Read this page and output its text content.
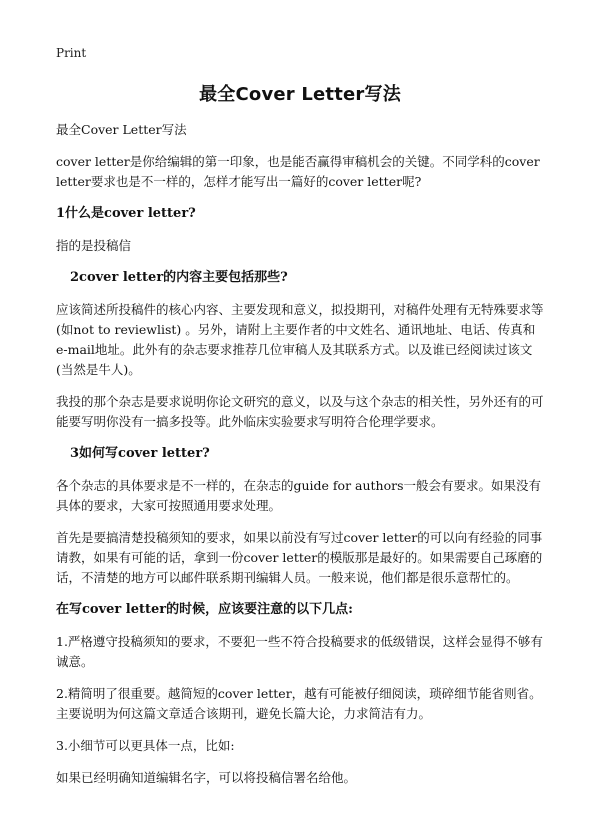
Print
最全Cover Letter写法

最全Cover Letter写法

cover letter是你给编辑的第一印象，也是能否赢得审稿机会的关键。不同学科的cover letter要求也是不一样的，怎样才能写出一篇好的cover letter呢?

1什么是cover letter?

指的是投稿信

2cover letter的内容主要包括那些?

应该简述所投稿件的核心内容、主要发现和意义，拟投期刊，对稿件处理有无特殊要求等(如not to reviewlist) 。另外，请附上主要作者的中文姓名、通讯地址、电话、传真和e-mail地址。此外有的杂志要求推荐几位审稿人及其联系方式。以及谁已经阅读过该文(当然是牛人)。

我投的那个杂志是要求说明你论文研究的意义，以及与这个杂志的相关性，另外还有的可能要写明你没有一搞多投等。此外临床实验要求写明符合伦理学要求。

3如何写cover letter?

各个杂志的具体要求是不一样的，在杂志的guide for authors一般会有要求。如果没有具体的要求，大家可按照通用要求处理。

首先是要搞清楚投稿须知的要求，如果以前没有写过cover letter的可以向有经验的同事请教，如果有可能的话，拿到一份cover letter的模版那是最好的。如果需要自己琢磨的话，不清楚的地方可以邮件联系期刊编辑人员。一般来说，他们都是很乐意帮忙的。

在写cover letter的时候，应该要注意的以下几点:

1.严格遵守投稿须知的要求，不要犯一些不符合投稿要求的低级错误，这样会显得不够有诚意。

2.精简明了很重要。越简短的cover letter，越有可能被仔细阅读，琐碎细节能省则省。主要说明为何这篇文章适合该期刊，避免长篇大论，力求简洁有力。

3.小细节可以更具体一点，比如:

如果已经明确知道编辑名字，可以将投稿信署名给他。
